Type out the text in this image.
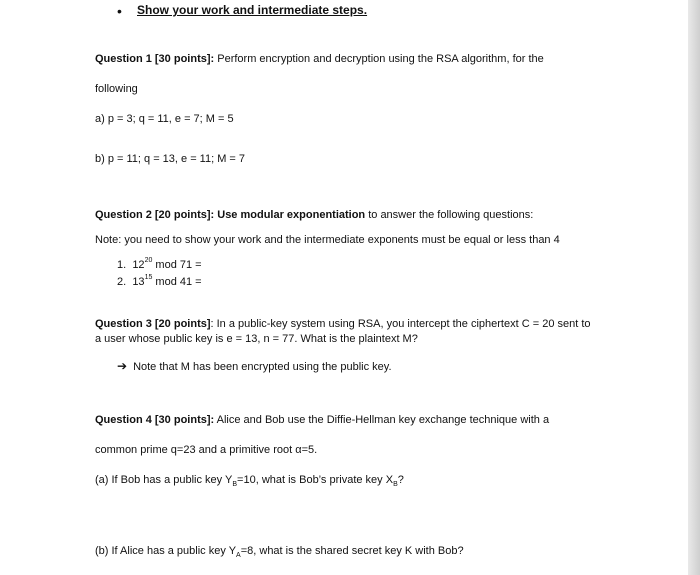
• Show your work and intermediate steps.
Question 1 [30 points]: Perform encryption and decryption using the RSA algorithm, for the
following
a) p = 3; q = 11, e = 7; M = 5
b) p = 11; q = 13, e = 11; M = 7
Question 2 [20 points]: Use modular exponentiation to answer the following questions:
Note: you need to show your work and the intermediate exponents must be equal or less than 4
1. $12^{20}$ mod 71 =
2. $13^{15}$ mod 41 =
Question 3 [20 points]: In a public-key system using RSA, you intercept the ciphertext C = 20 sent to
a user whose public key is e = 13, n = 77. What is the plaintext M?
➔ Note that M has been encrypted using the public key.
Question 4 [30 points]: Alice and Bob use the Diffie-Hellman key exchange technique with a
common prime q=23 and a primitive root α=5.
(a) If Bob has a public key $Y_B=10$, what is Bob’s private key $X_B$?
(b) If Alice has a public key $Y_A=8$, what is the shared secret key K with Bob?
